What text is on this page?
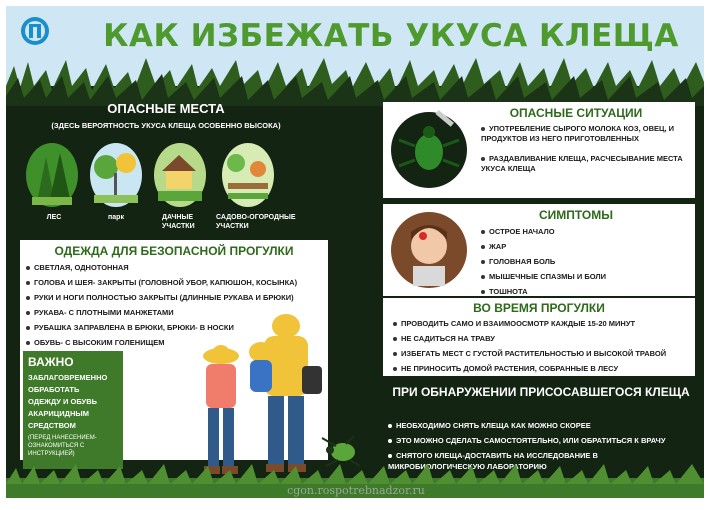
КАК ИЗБЕЖАТЬ УКУСА КЛЕЩА
ОПАСНЫЕ МЕСТА
(ЗДЕСЬ ВЕРОЯТНОСТЬ УКУСА КЛЕЩА ОСОБЕННО ВЫСОКА)
ЛЕС	парк	ДАЧНЫЕ
УЧАСТКИ
САДОВО-ОГОРОДНЫЕ
УЧАСТКИ
ОДЕЖДА ДЛЯ БЕЗОПАСНОЙ ПРОГУЛКИ
СВЕТЛАЯ, ОДНОТОННАЯ
ГОЛОВА И ШЕЯ- ЗАКРЫТЫ (ГОЛОВНОЙ УБОР, КАПЮШОН, КОСЫНКА)
РУКИ И НОГИ ПОЛНОСТЬЮ ЗАКРЫТЫ (ДЛИННЫЕ РУКАВА И БРЮКИ)
РУКАВА- С ПЛОТНЫМИ МАНЖЕТАМИ
РУБАШКА ЗАПРАВЛЕНА В БРЮКИ, БРЮКИ- В НОСКИ
ОБУВЬ- С ВЫСОКИМ ГОЛЕНИЩЕМ
ВАЖНО
ЗАБЛАГОВРЕМЕННО
ОБРАБОТАТЬ
ОДЕЖДУ И ОБУВЬ
АКАРИЦИДНЫМ
СРЕДСТВОМ
(ПЕРЕД НАНЕСЕНИЕМ- ОЗНАКОМИТЬСЯ С ИНСТРУКЦИЕЙ)
ОПАСНЫЕ СИТУАЦИИ
УПОТРЕБЛЕНИЕ СЫРОГО МОЛОКА КОЗ, ОВЕЦ, И ПРОДУКТОВ ИЗ НЕГО ПРИГОТОВЛЕННЫХ
РАЗДАВЛИВАНИЕ КЛЕЩА, РАСЧЕСЫВАНИЕ МЕСТА УКУСА КЛЕЩА
СИМПТОМЫ
ОСТРОЕ НАЧАЛО
ЖАР
ГОЛОВНАЯ БОЛЬ
МЫШЕЧНЫЕ СПАЗМЫ И БОЛИ
ТОШНОТА
ВО ВРЕМЯ ПРОГУЛКИ
ПРОВОДИТЬ САМО И ВЗАИМООСМОТР КАЖДЫЕ 15-20 МИНУТ
НЕ САДИТЬСЯ НА ТРАВУ
ИЗБЕГАТЬ МЕСТ С ГУСТОЙ РАСТИТЕЛЬНОСТЬЮ И ВЫСОКОЙ ТРАВОЙ
НЕ ПРИНОСИТЬ ДОМОЙ РАСТЕНИЯ, СОБРАННЫЕ В ЛЕСУ
ПРИ ОБНАРУЖЕНИИ ПРИСОСАВШЕГОСЯ КЛЕЩА
НЕОБХОДИМО СНЯТЬ КЛЕЩА КАК МОЖНО СКОРЕЕ
ЭТО МОЖНО СДЕЛАТЬ САМОСТОЯТЕЛЬНО, ИЛИ ОБРАТИТЬСЯ К ВРАЧУ
СНЯТОГО КЛЕЩА-ДОСТАВИТЬ НА ИССЛЕДОВАНИЕ В МИКРОБИОЛОГИЧЕСКУЮ ЛАБОРАТОРИЮ
cgon.rospotrebnadzor.ru
